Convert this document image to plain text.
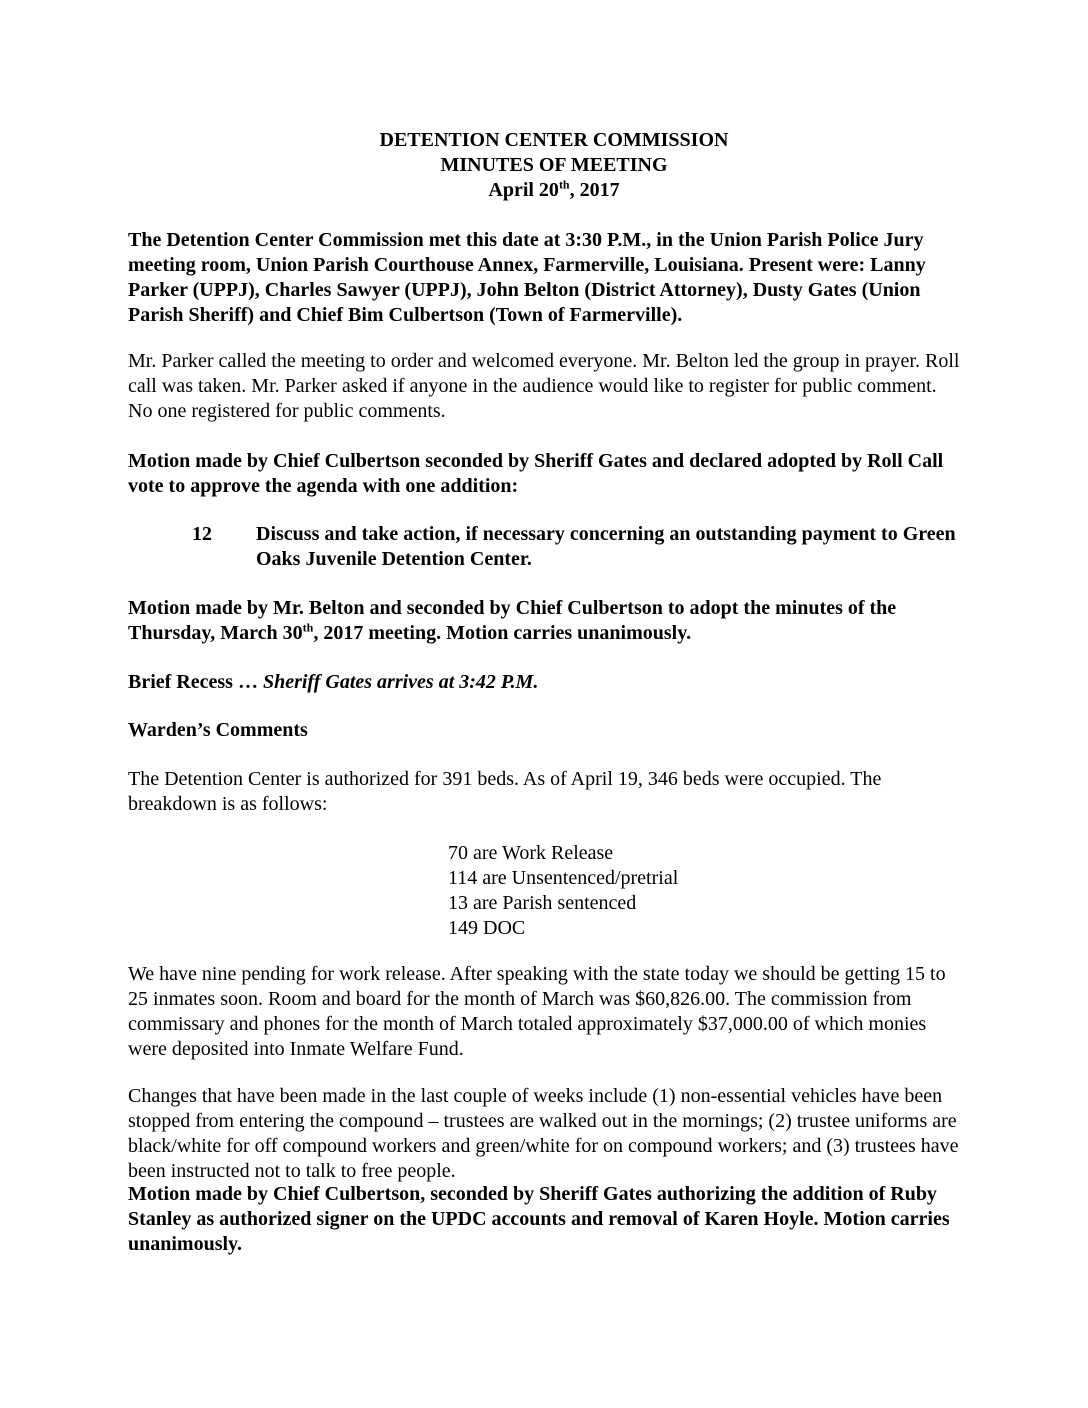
DETENTION CENTER COMMISSION
MINUTES OF MEETING
April 20th, 2017

The Detention Center Commission met this date at 3:30 P.M., in the Union Parish Police Jury meeting room, Union Parish Courthouse Annex, Farmerville, Louisiana. Present were: Lanny Parker (UPPJ), Charles Sawyer (UPPJ), John Belton (District Attorney), Dusty Gates (Union Parish Sheriff) and Chief Bim Culbertson (Town of Farmerville).

Mr. Parker called the meeting to order and welcomed everyone. Mr. Belton led the group in prayer. Roll call was taken. Mr. Parker asked if anyone in the audience would like to register for public comment. No one registered for public comments.

Motion made by Chief Culbertson seconded by Sheriff Gates and declared adopted by Roll Call vote to approve the agenda with one addition:

12 Discuss and take action, if necessary concerning an outstanding payment to Green Oaks Juvenile Detention Center.

Motion made by Mr. Belton and seconded by Chief Culbertson to adopt the minutes of the Thursday, March 30th, 2017 meeting. Motion carries unanimously.

Brief Recess … Sheriff Gates arrives at 3:42 P.M.

Warden’s Comments

The Detention Center is authorized for 391 beds. As of April 19, 346 beds were occupied. The breakdown is as follows:

70 are Work Release
114 are Unsentenced/pretrial
13 are Parish sentenced
149 DOC

We have nine pending for work release. After speaking with the state today we should be getting 15 to 25 inmates soon. Room and board for the month of March was $60,826.00. The commission from commissary and phones for the month of March totaled approximately $37,000.00 of which monies were deposited into Inmate Welfare Fund.

Changes that have been made in the last couple of weeks include (1) non-essential vehicles have been stopped from entering the compound – trustees are walked out in the mornings; (2) trustee uniforms are black/white for off compound workers and green/white for on compound workers; and (3) trustees have been instructed not to talk to free people.

Motion made by Chief Culbertson, seconded by Sheriff Gates authorizing the addition of Ruby Stanley as authorized signer on the UPDC accounts and removal of Karen Hoyle. Motion carries unanimously.
